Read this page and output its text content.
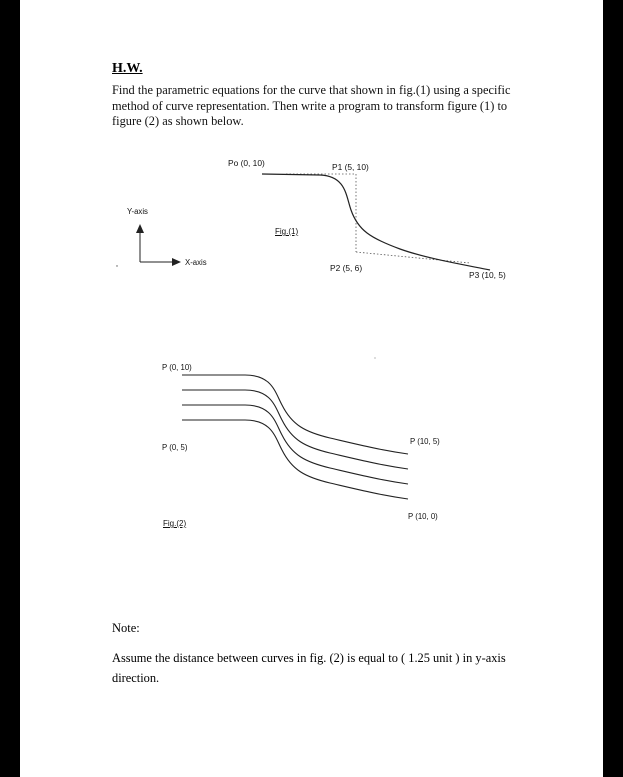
H.W.
Find the parametric equations for the curve that shown in fig.(1) using a specific method of curve representation. Then write a program to transform figure (1) to figure (2) as shown below.
Po (0, 10)	P1 (5, 10)
Y-axis
Fig.(1)
X-axis
P2 (5, 6)
P3 (10, 5)
P (0, 10)
P (10, 5)
P (0, 5)
P (10, 0)
Fig.(2)
Note:
Assume the distance between curves in fig. (2) is equal to ( 1.25 unit ) in y-axis direction.
